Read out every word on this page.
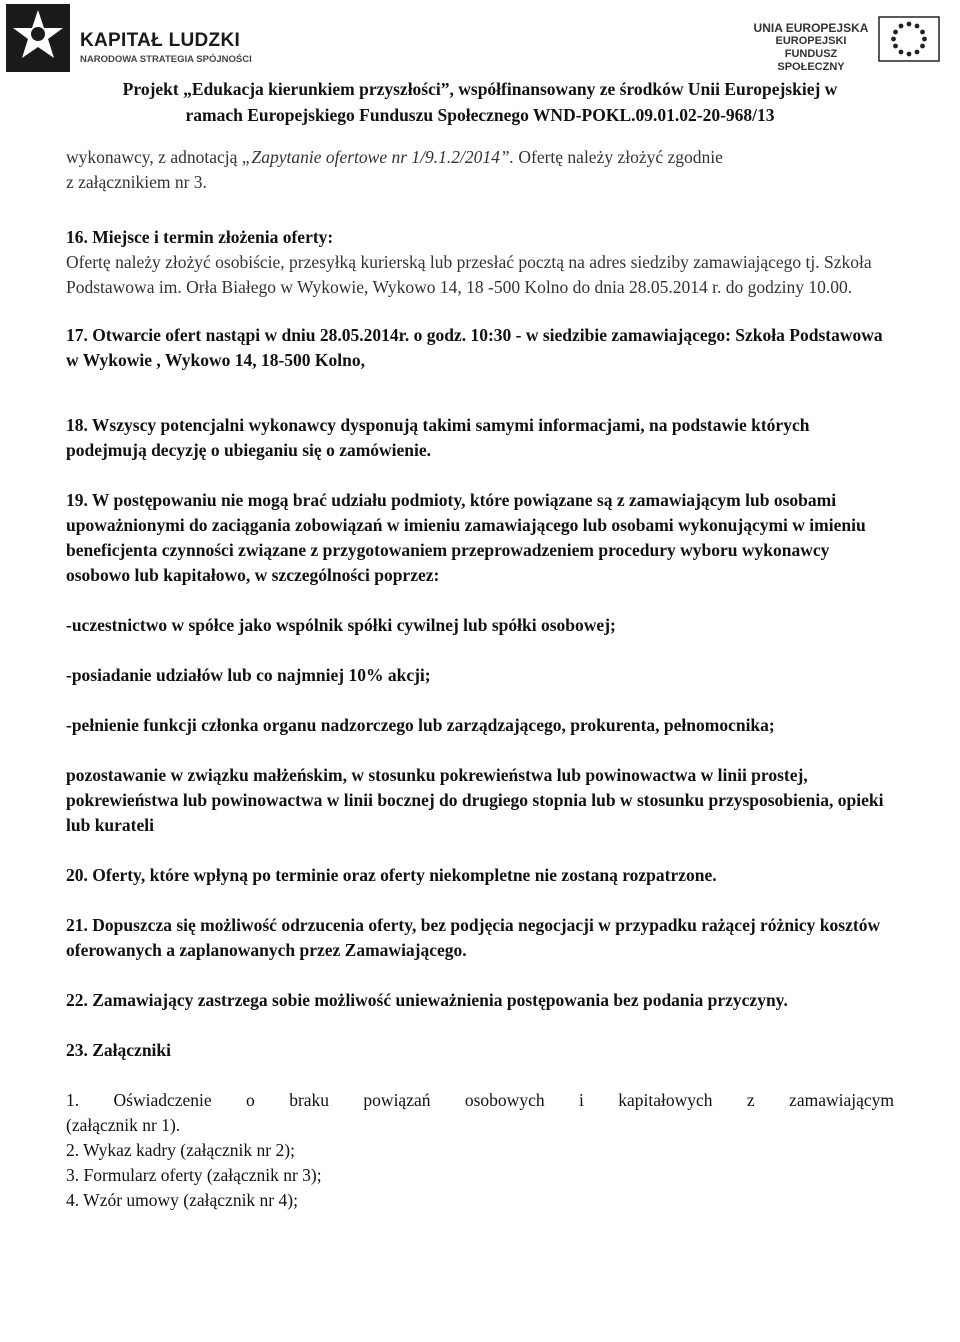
KAPITAŁ LUDZKI
NARODOWA STRATEGIA SPÓJNOŚCI
UNIA EUROPEJSKA
EUROPEJSKI
FUNDUSZ SPOŁECZNY
Projekt „Edukacja kierunkiem przyszłości”, współfinansowany ze środków Unii Europejskiej w
ramach Europejskiego Funduszu Społecznego WND-POKL.09.01.02-20-968/13

wykonawcy, z adnotacją „Zapytanie ofertowe nr 1/9.1.2/2014”. Ofertę należy złożyć zgodnie
z załącznikiem nr 3.

16. Miejsce i termin złożenia oferty:

Ofertę należy złożyć osobiście, przesyłką kurierską lub przesłać pocztą na adres siedziby zamawiającego tj. Szkoła Podstawowa im. Orła Białego w Wykowie, Wykowo 14, 18 -500 Kolno do dnia 28.05.2014 r. do godziny 10.00.

17. Otwarcie ofert nastąpi w dniu 28.05.2014r. o godz. 10:30 - w siedzibie zamawiającego: Szkoła Podstawowa w Wykowie , Wykowo 14, 18-500 Kolno,

18. Wszyscy potencjalni wykonawcy dysponują takimi samymi informacjami, na podstawie których podejmują decyzję o ubieganiu się o zamówienie.

19. W postępowaniu nie mogą brać udziału podmioty, które powiązane są z zamawiającym lub osobami upoważnionymi do zaciągania zobowiązań w imieniu zamawiającego lub osobami wykonującymi w imieniu beneficjenta czynności związane z przygotowaniem przeprowadzeniem procedury wyboru wykonawcy osobowo lub kapitałowo, w szczególności poprzez:

-uczestnictwo w spółce jako wspólnik spółki cywilnej lub spółki osobowej;

-posiadanie udziałów lub co najmniej 10% akcji;

-pełnienie funkcji członka organu nadzorczego lub zarządzającego, prokurenta, pełnomocnika;

pozostawanie w związku małżeńskim, w stosunku pokrewieństwa lub powinowactwa w linii prostej, pokrewieństwa lub powinowactwa w linii bocznej do drugiego stopnia lub w stosunku przysposobienia, opieki lub kurateli

20. Oferty, które wpłyną po terminie oraz oferty niekompletne nie zostaną rozpatrzone.

21. Dopuszcza się możliwość odrzucenia oferty, bez podjęcia negocjacji w przypadku rażącej różnicy kosztów oferowanych a zaplanowanych przez Zamawiającego.

22. Zamawiający zastrzega sobie możliwość unieważnienia postępowania bez podania przyczyny.

23. Załączniki

1. Oświadczenie o braku powiązań osobowych i kapitałowych z zamawiającym

(załącznik nr 1).

2. Wykaz kadry (załącznik nr 2);

3. Formularz oferty (załącznik nr 3);

4. Wzór umowy (załącznik nr 4);
